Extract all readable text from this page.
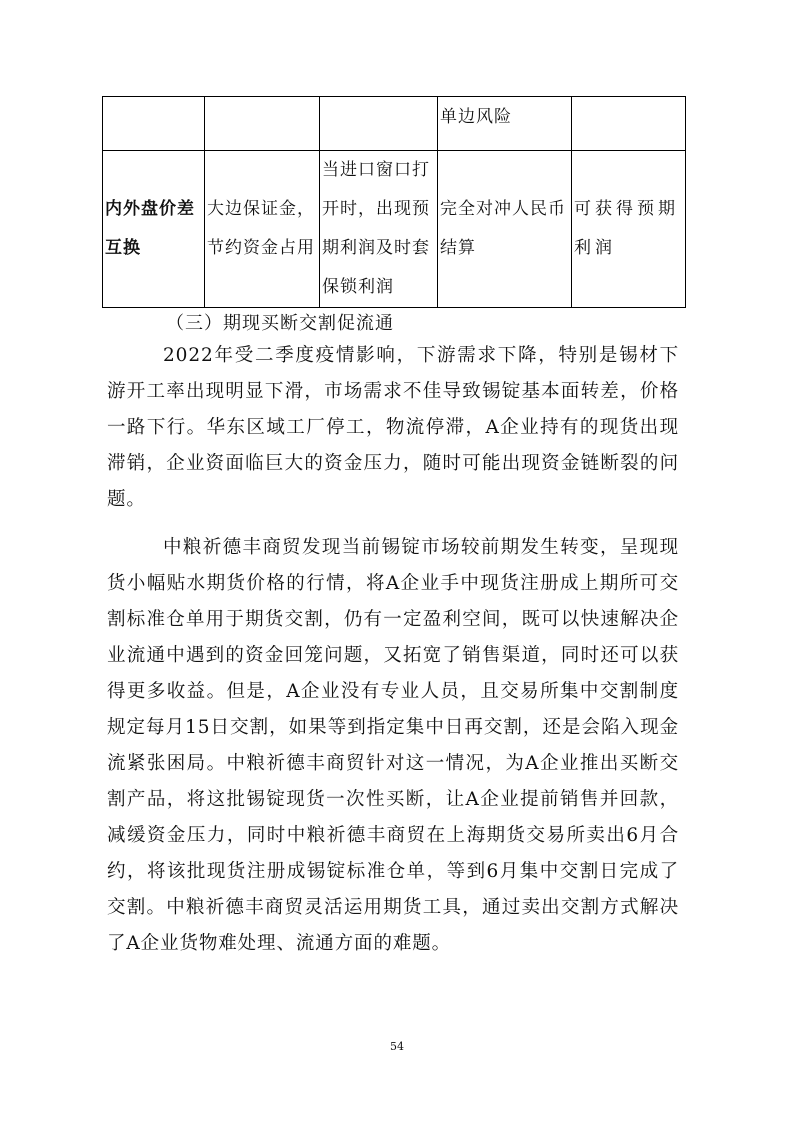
			单边风险	
内外盘价差互换	大边保证金，节约资金占用	当进口窗口打开时，出现预期利润及时套保锁利润	完全对冲人民币结算	可获得预期利润
（三）期现买断交割促流通

2022年受二季度疫情影响，下游需求下降，特别是锡材下游开工率出现明显下滑，市场需求不佳导致锡锭基本面转差，价格一路下行。华东区域工厂停工，物流停滞，A企业持有的现货出现滞销，企业资面临巨大的资金压力，随时可能出现资金链断裂的问题。

中粮祈德丰商贸发现当前锡锭市场较前期发生转变，呈现现货小幅贴水期货价格的行情，将A企业手中现货注册成上期所可交割标准仓单用于期货交割，仍有一定盈利空间，既可以快速解决企业流通中遇到的资金回笼问题，又拓宽了销售渠道，同时还可以获得更多收益。但是，A企业没有专业人员，且交易所集中交割制度规定每月15日交割，如果等到指定集中日再交割，还是会陷入现金流紧张困局。中粮祈德丰商贸针对这一情况，为A企业推出买断交割产品，将这批锡锭现货一次性买断，让A企业提前销售并回款，减缓资金压力，同时中粮祈德丰商贸在上海期货交易所卖出6月合约，将该批现货注册成锡锭标准仓单，等到6月集中交割日完成了交割。中粮祈德丰商贸灵活运用期货工具，通过卖出交割方式解决了A企业货物难处理、流通方面的难题。

54
